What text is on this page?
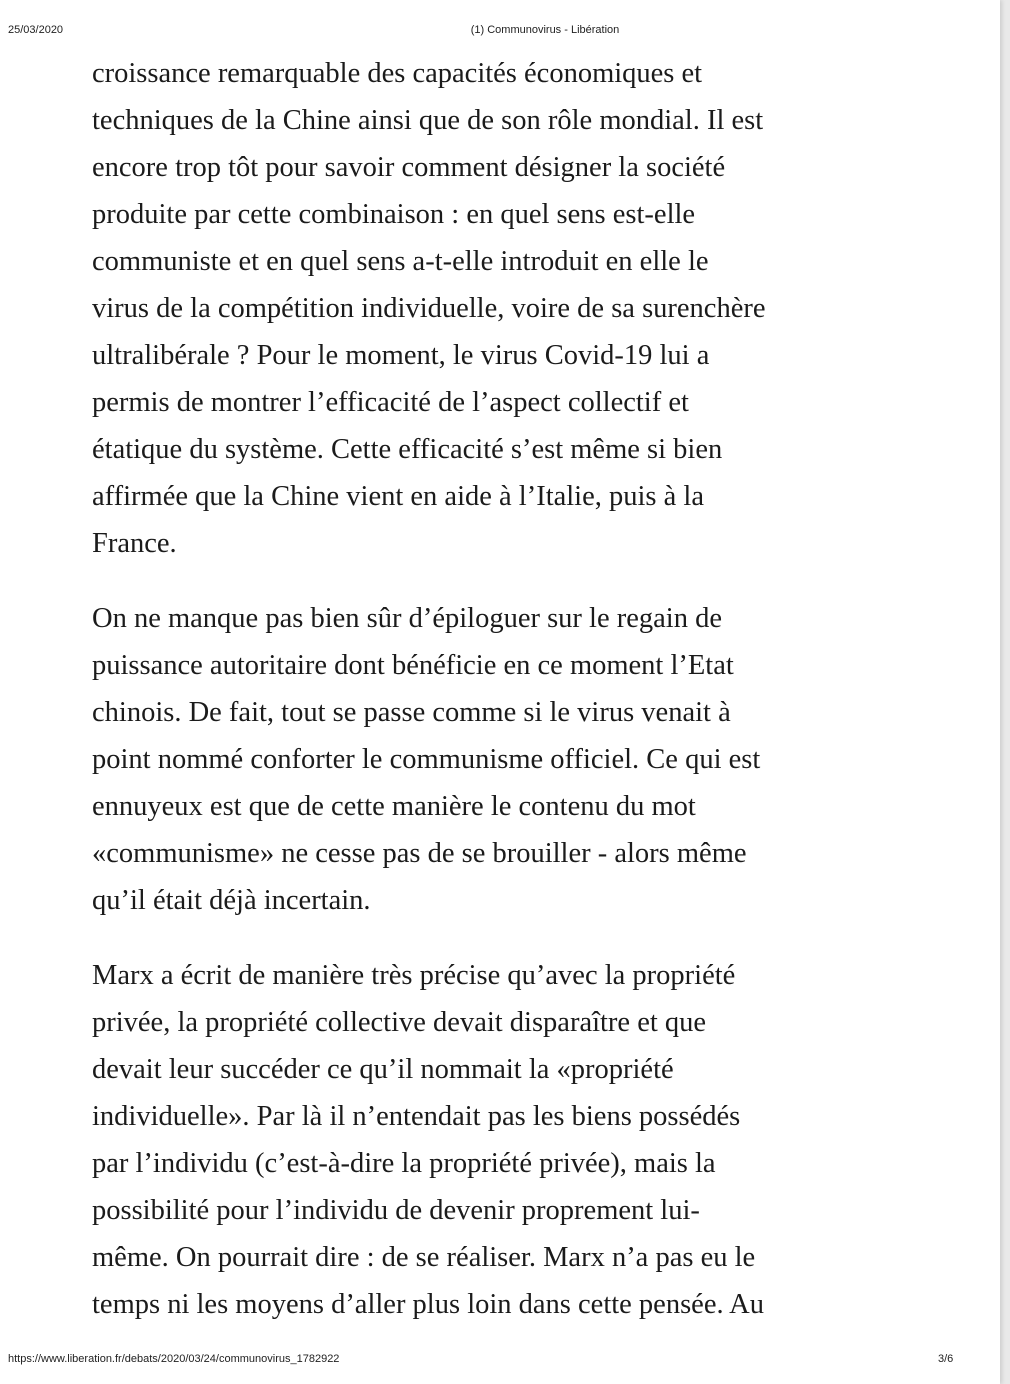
25/03/2020	(1) Communovirus - Libération

croissance remarquable des capacités économiques et
techniques de la Chine ainsi que de son rôle mondial. Il est
encore trop tôt pour savoir comment désigner la société
produite par cette combinaison : en quel sens est-elle
communiste et en quel sens a-t-elle introduit en elle le
virus de la compétition individuelle, voire de sa surenchère
ultralibérale ? Pour le moment, le virus Covid-19 lui a
permis de montrer l’efficacité de l’aspect collectif et
étatique du système. Cette efficacité s’est même si bien
affirmée que la Chine vient en aide à l’Italie, puis à la
France.

On ne manque pas bien sûr d’épiloguer sur le regain de
puissance autoritaire dont bénéficie en ce moment l’Etat
chinois. De fait, tout se passe comme si le virus venait à
point nommé conforter le communisme officiel. Ce qui est
ennuyeux est que de cette manière le contenu du mot
«communisme» ne cesse pas de se brouiller - alors même
qu’il était déjà incertain.

Marx a écrit de manière très précise qu’avec la propriété
privée, la propriété collective devait disparaître et que
devait leur succéder ce qu’il nommait la «propriété
individuelle». Par là il n’entendait pas les biens possédés
par l’individu (c’est-à-dire la propriété privée), mais la
possibilité pour l’individu de devenir proprement lui-
même. On pourrait dire : de se réaliser. Marx n’a pas eu le
temps ni les moyens d’aller plus loin dans cette pensée. Au

https://www.liberation.fr/debats/2020/03/24/communovirus_1782922	3/6
